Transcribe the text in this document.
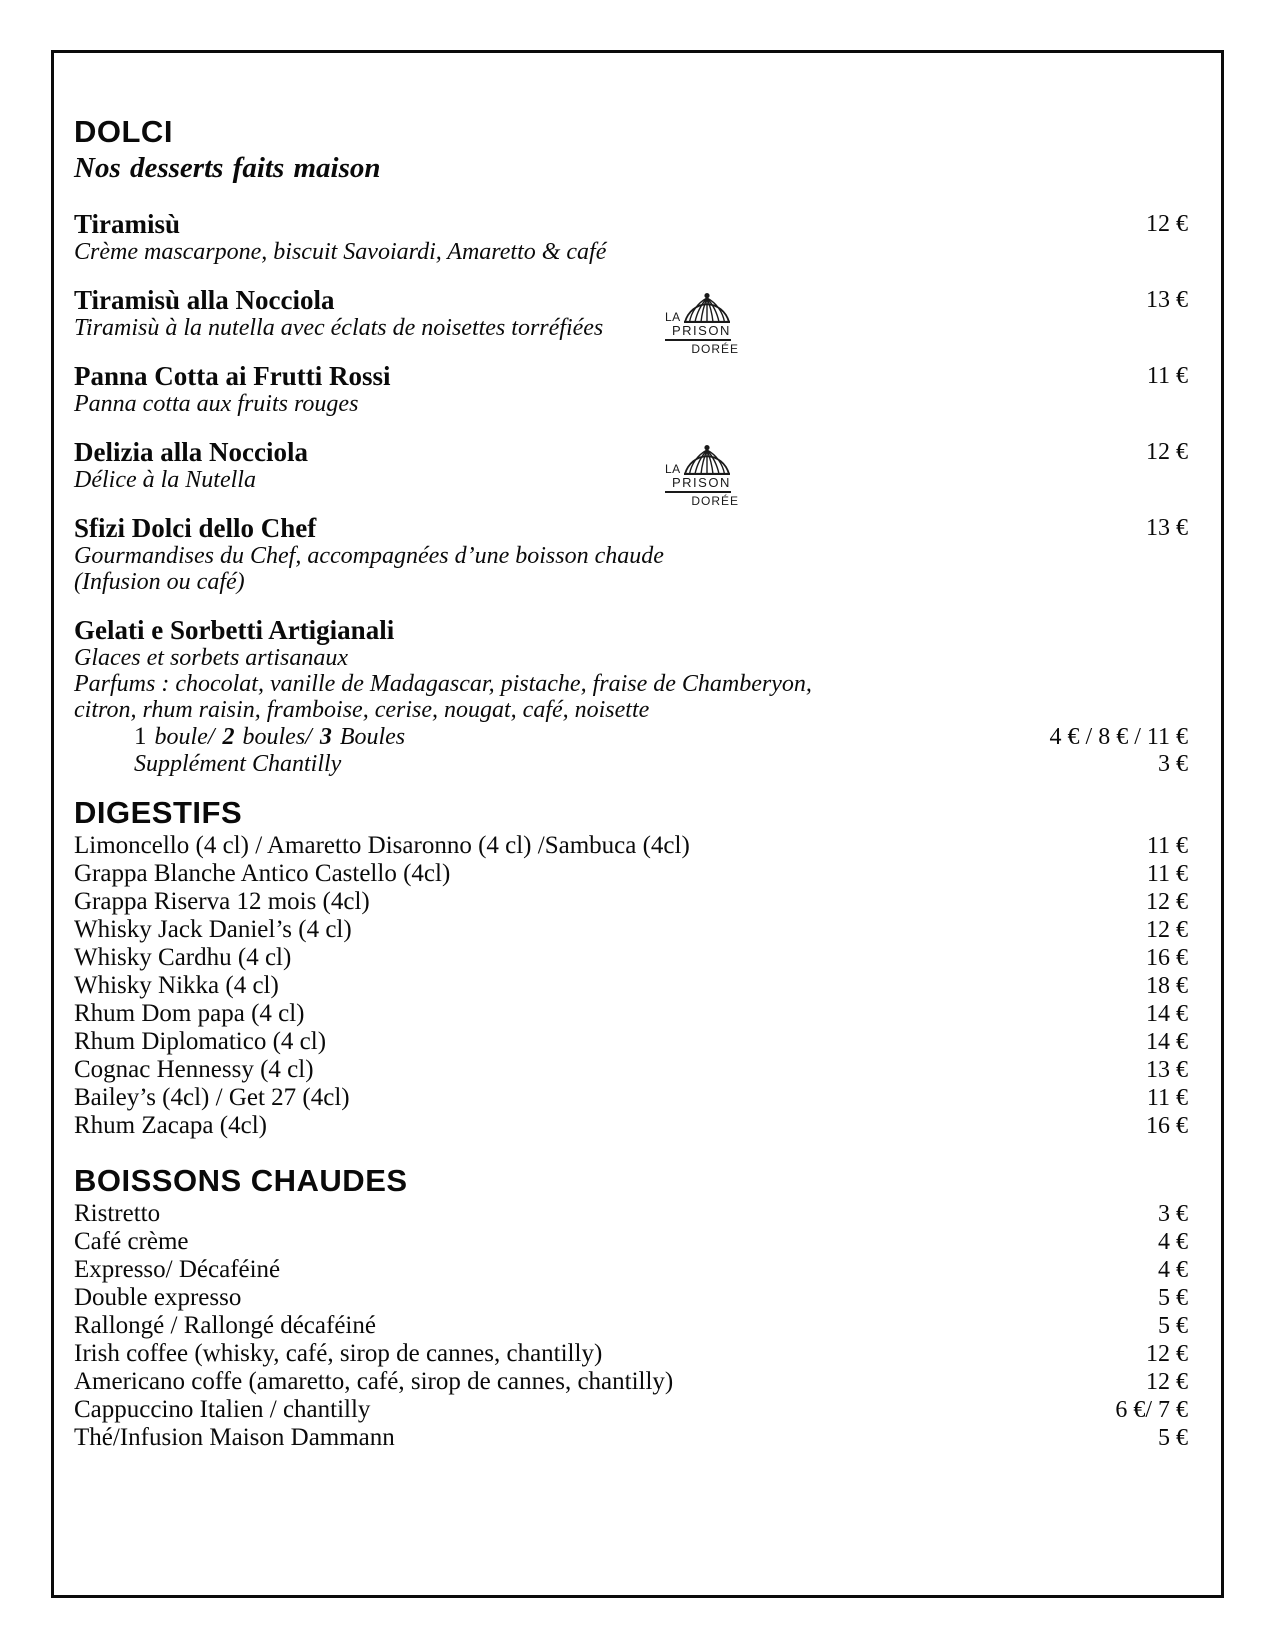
DOLCI
Nos desserts faits maison
Tiramisù
Crème mascarpone, biscuit Savoiardi, Amaretto & café
12 €
Tiramisù alla Nocciola
Tiramisù à la nutella avec éclats de noisettes torréfiées	LA
PRISON
DORÉE
13 €
Panna Cotta ai Frutti Rossi
Panna cotta aux fruits rouges
11 €
Delizia alla Nocciola
Délice à la Nutella	LA
PRISON
DORÉE
12 €
Sfizi Dolci dello Chef
Gourmandises du Chef, accompagnées d’une boisson chaude
(Infusion ou café)
13 €
Gelati e Sorbetti Artigianali
Glaces et sorbets artisanaux
Parfums : chocolat, vanille de Madagascar, pistache, fraise de Chamberyon,
citron, rhum raisin, framboise, cerise, nougat, café, noisette
1 boule/ 2 boules/ 3 Boules	4 € / 8 € / 11 €
Supplément Chantilly	3 €
DIGESTIFS
Limoncello (4 cl) / Amaretto Disaronno (4 cl) /Sambuca (4cl)	11 €
Grappa Blanche Antico Castello (4cl)	11 €
Grappa Riserva 12 mois (4cl)	12 €
Whisky Jack Daniel’s (4 cl)	12 €
Whisky Cardhu (4 cl)	16 €
Whisky Nikka (4 cl)	18 €
Rhum Dom papa (4 cl)	14 €
Rhum Diplomatico (4 cl)	14 €
Cognac Hennessy (4 cl)	13 €
Bailey’s (4cl) / Get 27 (4cl)	11 €
Rhum Zacapa (4cl)	16 €
BOISSONS CHAUDES
Ristretto	3 €
Café crème	4 €
Expresso/ Décaféiné	4 €
Double expresso	5 €
Rallongé / Rallongé décaféiné	5 €
Irish coffee (whisky, café, sirop de cannes, chantilly)	12 €
Americano coffe (amaretto, café, sirop de cannes, chantilly)	12 €
Cappuccino Italien / chantilly	6 €/ 7 €
Thé/Infusion Maison Dammann	5 €
